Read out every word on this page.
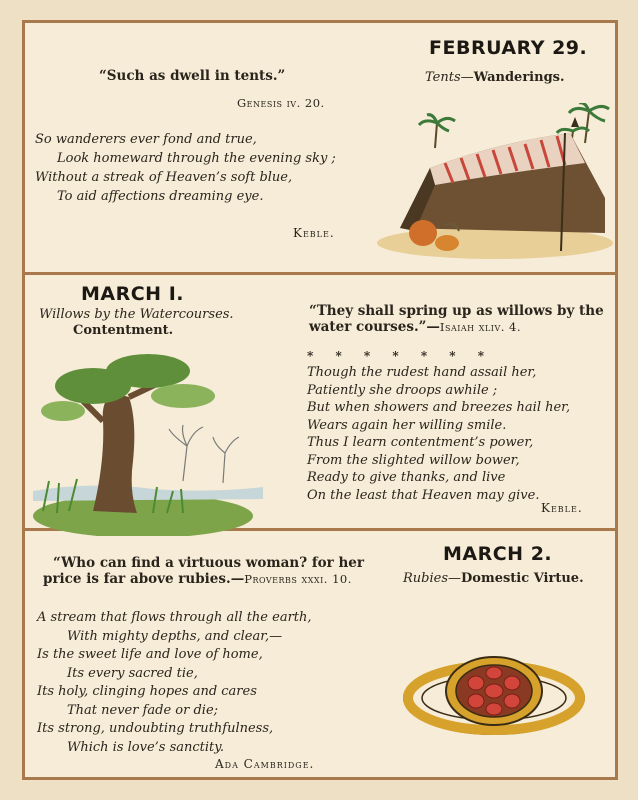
FEBRUARY 29.
Tents—Wanderings.
“Such as dwell in tents.”
Genesis iv. 20.
So wanderers ever fond and true,
Look homeward through the evening sky ;
Without a streak of Heaven’s soft blue,
To aid affections dreaming eye.
Keble.
MARCH I.
Willows by the Watercourses.
Contentment.
“They shall spring up as willows by the
water courses.”—Isaiah xliv. 4.
* * * * * * *
Though the rudest hand assail her,
Patiently she droops awhile ;
But when showers and breezes hail her,
Wears again her willing smile.
Thus I learn contentment’s power,
From the slighted willow bower,
Ready to give thanks, and live
On the least that Heaven may give.
Keble.
MARCH 2.
Rubies—Domestic Virtue.
“Who can find a virtuous woman? for her
price is far above rubies.—Proverbs xxxi. 10.
A stream that flows through all the earth,
With mighty depths, and clear,—
Is the sweet life and love of home,
Its every sacred tie,
Its holy, clinging hopes and cares
That never fade or die;
Its strong, undoubting truthfulness,
Which is love’s sanctity.
Ada Cambridge.
